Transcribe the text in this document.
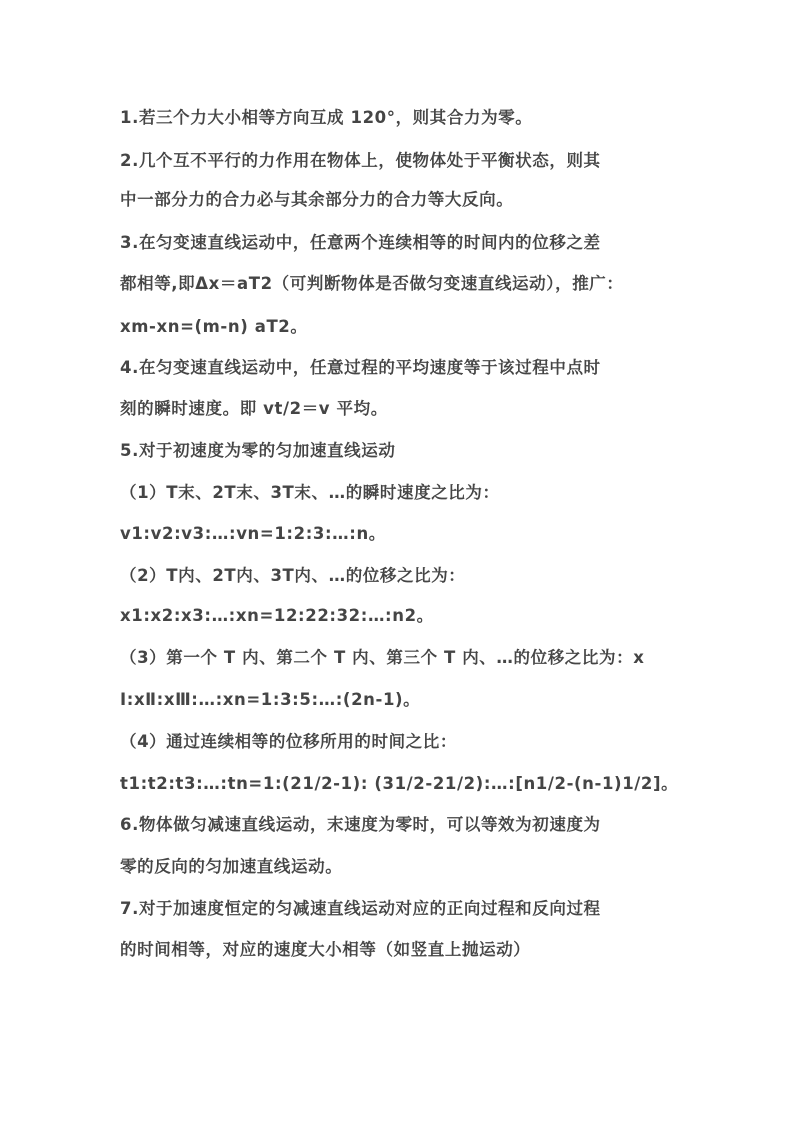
1.若三个力大小相等方向互成 120°，则其合力为零。
2.几个互不平行的力作用在物体上，使物体处于平衡状态，则其
中一部分力的合力必与其余部分力的合力等大反向。
3.在匀变速直线运动中，任意两个连续相等的时间内的位移之差
都相等,即Δx＝aT2（可判断物体是否做匀变速直线运动），推广：
xm-xn=(m-n) aT2。
4.在匀变速直线运动中，任意过程的平均速度等于该过程中点时
刻的瞬时速度。即 vt/2＝v 平均。
5.对于初速度为零的匀加速直线运动
（1）T末、2T末、3T末、…的瞬时速度之比为：
v1:v2:v3:…:vn=1:2:3:…:n。
（2）T内、2T内、3T内、…的位移之比为：
x1:x2:x3:…:xn=12:22:32:…:n2。
（3）第一个 T 内、第二个 T 内、第三个 T 内、…的位移之比为：x
Ⅰ:xⅡ:xⅢ:…:xn=1:3:5:…:(2n-1)。
（4）通过连续相等的位移所用的时间之比：
t1:t2:t3:…:tn=1:(21/2-1): (31/2-21/2):…:[n1/2-(n-1)1/2]。
6.物体做匀减速直线运动，末速度为零时，可以等效为初速度为
零的反向的匀加速直线运动。
7.对于加速度恒定的匀减速直线运动对应的正向过程和反向过程
的时间相等，对应的速度大小相等（如竖直上抛运动）
